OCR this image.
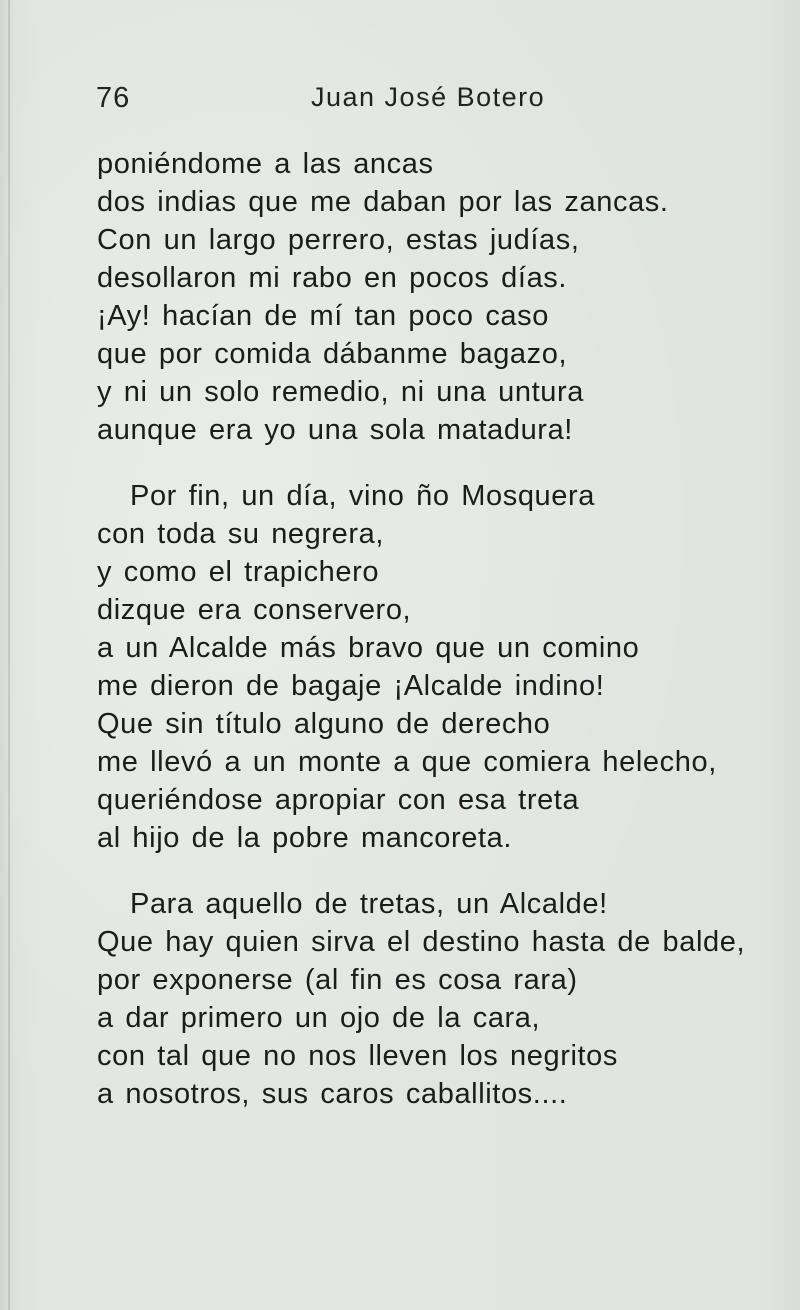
76	Juan José Botero
poniéndome a las ancas
dos indias que me daban por las zancas.
Con un largo perrero, estas judías,
desollaron mi rabo en pocos días.
¡Ay! hacían de mí tan poco caso
que por comida dábanme bagazo,
y ni un solo remedio, ni una untura
aunque era yo una sola matadura!
Por fin, un día, vino ño Mosquera
con toda su negrera,
y como el trapichero
dizque era conservero,
a un Alcalde más bravo que un comino
me dieron de bagaje ¡Alcalde indino!
Que sin título alguno de derecho
me llevó a un monte a que comiera helecho,
queriéndose apropiar con esa treta
al hijo de la pobre mancoreta.
Para aquello de tretas, un Alcalde!
Que hay quien sirva el destino hasta de balde,
por exponerse (al fin es cosa rara)
a dar primero un ojo de la cara,
con tal que no nos lleven los negritos
a nosotros, sus caros caballitos....
